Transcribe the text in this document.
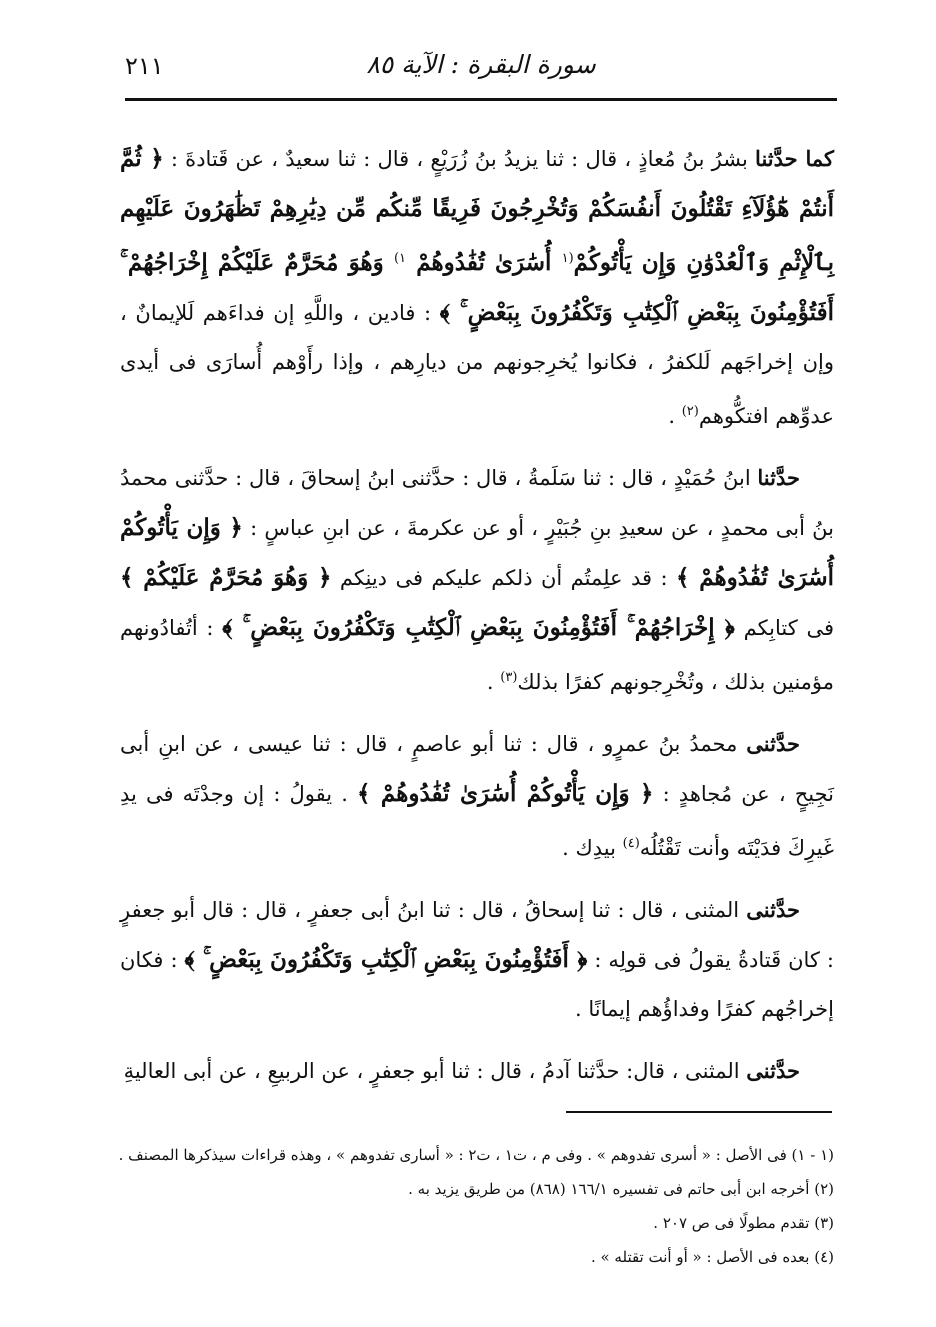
سورة البقرة : الآية ٨٥
٢١١

كما حدَّثنا بشرُ بنُ مُعاذٍ ، قال : ثنا يزيدُ بنُ زُرَيْعٍ ، قال : ثنا سعيدٌ ، عن قَتادةَ : ﴿ ثُمَّ أَنتُمْ هَٰٓؤُلَآءِ تَقْتُلُونَ أَنفُسَكُمْ وَتُخْرِجُونَ فَرِيقًا مِّنكُم مِّن دِيَٰرِهِمْ تَظَٰهَرُونَ عَلَيْهِم بِٱلْإِثْمِ وَٱلْعُدْوَٰنِ وَإِن يَأْتُوكُمْ$^{(١}$ أُسَٰرَىٰ تُفَٰدُوهُمْ $^{١)}$ وَهُوَ مُحَرَّمٌ عَلَيْكُمْ إِخْرَاجُهُمْ ۚ أَفَتُؤْمِنُونَ بِبَعْضِ ٱلْكِتَٰبِ وَتَكْفُرُونَ بِبَعْضٍ ۚ ﴾ : فادين ، واللَّهِ إن فداءَهم لَلإيمانٌ ، وإن إخراجَهم لَلكفرُ ، فكانوا يُخرِجونهم من ديارِهم ، وإذا رأَوْهم أُسارَى فى أيدى عدوِّهم افتكُّوهم$^{(٢)}$ .

حدَّثنا ابنُ حُمَيْدٍ ، قال : ثنا سَلَمةُ ، قال : حدَّثنى ابنُ إسحاقَ ، قال : حدَّثنى محمدُ بنُ أبى محمدٍ ، عن سعيدِ بنِ جُبَيْرٍ ، أو عن عكرمةَ ، عن ابنِ عباسٍ : ﴿ وَإِن يَأْتُوكُمْ أُسَٰرَىٰ تُفَٰدُوهُمْ ﴾ : قد علِمتُم أن ذلكم عليكم فى دينِكم ﴿ وَهُوَ مُحَرَّمٌ عَلَيْكُمْ ﴾ فى كتابِكم ﴿ إِخْرَاجُهُمْ ۚ أَفَتُؤْمِنُونَ بِبَعْضِ ٱلْكِتَٰبِ وَتَكْفُرُونَ بِبَعْضٍ ۚ ﴾ : أتُفادُونهم مؤمنين بذلك ، وتُخْرِجونهم كفرًا بذلك$^{(٣)}$ .

حدَّثنى محمدُ بنُ عمرٍو ، قال : ثنا أبو عاصمٍ ، قال : ثنا عيسى ، عن ابنِ أبى نَجِيحٍ ، عن مُجاهدٍ : ﴿ وَإِن يَأْتُوكُمْ أُسَٰرَىٰ تُفَٰدُوهُمْ ﴾ . يقولُ : إن وجدْتَه فى يدِ غَيرِكَ فدَيْتَه وأنت تَقْتُلُه$^{(٤)}$ بيدِك .

حدَّثنى المثنى ، قال : ثنا إسحاقُ ، قال : ثنا ابنُ أبى جعفرٍ ، قال : قال أبو جعفرٍ : كان قَتادةُ يقولُ فى قولِه : ﴿ أَفَتُؤْمِنُونَ بِبَعْضِ ٱلْكِتَٰبِ وَتَكْفُرُونَ بِبَعْضٍ ۚ ﴾ : فكان إخراجُهم كفرًا وفداؤُهم إيمانًا .

حدَّثنى المثنى ، قال: حدَّثنا آدمُ ، قال : ثنا أبو جعفرٍ ، عن الربيعِ ، عن أبى العاليةِ

(١ - ١) فى الأصل : « أسرى تفدوهم » . وفى م ، ت١ ، ت٢ : « أسارى تفدوهم » ، وهذه قراءات سيذكرها المصنف .

(٢) أخرجه ابن أبى حاتم فى تفسيره ١٦٦/١ (٨٦٨) من طريق يزيد به .

(٣) تقدم مطولًا فى ص ٢٠٧ .

(٤) بعده فى الأصل : « أو أنت تقتله » .
